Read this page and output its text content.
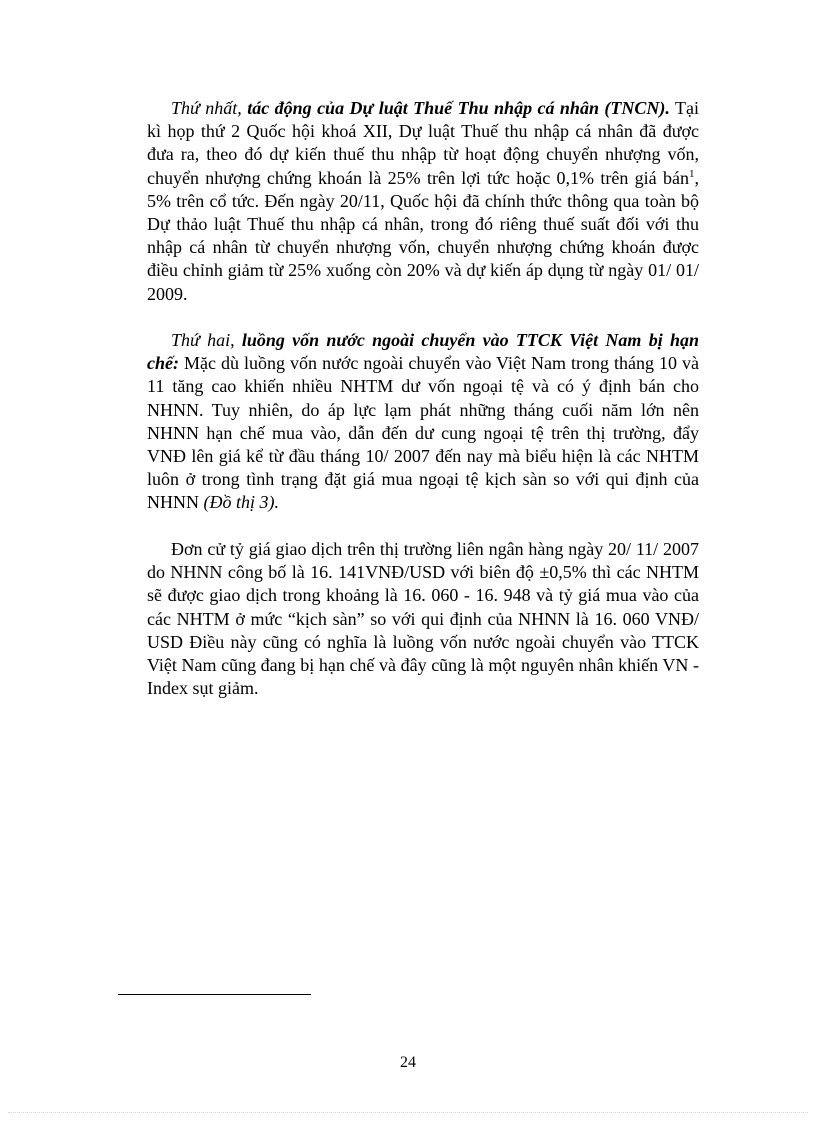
Thứ nhất, tác động của Dự luật Thuế Thu nhập cá nhân (TNCN). Tại kì họp thứ 2 Quốc hội khoá XII, Dự luật Thuế thu nhập cá nhân đã được đưa ra, theo đó dự kiến thuế thu nhập từ hoạt động chuyển nhượng vốn, chuyển nhượng chứng khoán là 25% trên lợi tức hoặc 0,1% trên giá bán$^1$, 5% trên cổ tức. Đến ngày 20/11, Quốc hội đã chính thức thông qua toàn bộ Dự thảo luật Thuế thu nhập cá nhân, trong đó riêng thuế suất đối với thu nhập cá nhân từ chuyển nhượng vốn, chuyển nhượng chứng khoán được điều chỉnh giảm từ 25% xuống còn 20% và dự kiến áp dụng từ ngày 01/ 01/ 2009.

Thứ hai, luồng vốn nước ngoài chuyển vào TTCK Việt Nam bị hạn chế: Mặc dù luồng vốn nước ngoài chuyển vào Việt Nam trong tháng 10 và 11 tăng cao khiến nhiều NHTM dư vốn ngoại tệ và có ý định bán cho NHNN. Tuy nhiên, do áp lực lạm phát những tháng cuối năm lớn nên NHNN hạn chế mua vào, dẫn đến dư cung ngoại tệ trên thị trường, đẩy VNĐ lên giá kể từ đầu tháng 10/ 2007 đến nay mà biểu hiện là các NHTM luôn ở trong tình trạng đặt giá mua ngoại tệ kịch sàn so với qui định của NHNN (Đồ thị 3).

Đơn cử tỷ giá giao dịch trên thị trường liên ngân hàng ngày 20/ 11/ 2007 do NHNN công bố là 16. 141VNĐ/USD với biên độ ±0,5% thì các NHTM sẽ được giao dịch trong khoảng là 16. 060 - 16. 948 và tỷ giá mua vào của các NHTM ở mức “kịch sàn” so với qui định của NHNN là 16. 060 VNĐ/ USD Điều này cũng có nghĩa là luồng vốn nước ngoài chuyển vào TTCK Việt Nam cũng đang bị hạn chế và đây cũng là một nguyên nhân khiến VN - Index sụt giảm.

24
